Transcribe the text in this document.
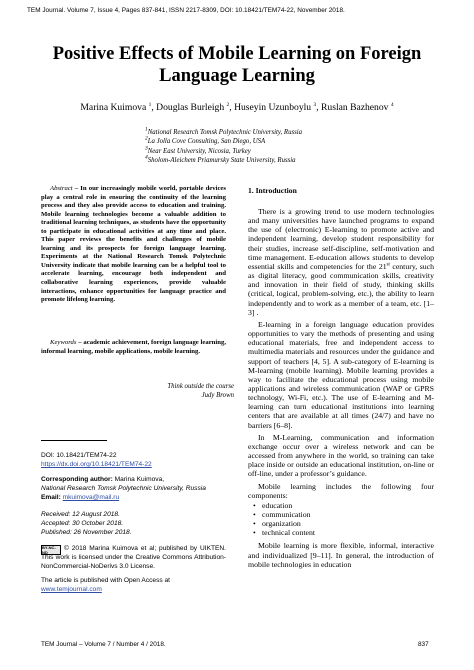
TEM Journal. Volume 7, Issue 4, Pages 837-841, ISSN 2217-8309, DOI: 10.18421/TEM74-22, November 2018.
Positive Effects of Mobile Learning on Foreign
Language Learning
Marina Kuimova $^1$, Douglas Burleigh $^2$, Huseyin Uzunboylu $^3$, Ruslan Bazhenov $^4$
$^1$National Research Tomsk Polytechnic University, Russia
$^2$La Jolla Cove Consulting, San Diego, USA
$^3$Near East University, Nicosia, Turkey
$^4$Sholom-Aleichem Priamursky State University, Russia

Abstract – In our increasingly mobile world, portable devices play a central role in ensuring the continuity of the learning process and they also provide access to education and training. Mobile learning technologies become a valuable addition to traditional learning techniques, as students have the opportunity to participate in educational activities at any time and place. This paper reviews the benefits and challenges of mobile learning and its prospects for foreign language learning. Experiments at the National Research Tomsk Polytechnic University indicate that mobile learning can be a helpful tool to accelerate learning, encourage both independent and collaborative learning experiences, provide valuable interactions, enhance opportunities for language practice and promote lifelong learning.

Keywords – academic achievement, foreign language learning, informal learning, mobile applications, mobile learning.

Think outside the course
Judy Brown
DOI: 10.18421/TEM74-22
https://dx.doi.org/10.18421/TEM74-22
Corresponding author: Marina Kuimova,
National Research Tomsk Polytechnic University, Russia
Email: mkuimova@mail.ru
Received: 12 August 2018.
Accepted: 30 October 2018.
Published: 26 November 2018.
BY-NC-ND
© 2018 Marina Kuimova et al; published by UIKTEN. This work is licensed under the Creative Commons Attribution-NonCommercial-NoDerivs 3.0 License.
The article is published with Open Access at
www.temjournal.com
1. Introduction

There is a growing trend to use modern technologies and many universities have launched programs to expand the use of (electronic) E-learning to promote active and independent learning, develop student responsibility for their studies, increase self-discipline, self-motivation and time management. E-education allows students to develop essential skills and competencies for the 21st century, such as digital literacy, good communication skills, creativity and innovation in their field of study, thinking skills (critical, logical, problem-solving, etc.), the ability to learn independently and to work as a member of a team, etc. [1–3] .

E-learning in a foreign language education provides opportunities to vary the methods of presenting and using educational materials, free and independent access to multimedia materials and resources under the guidance and support of teachers [4, 5]. A sub-category of E-learning is M-learning (mobile learning). Mobile learning provides a way to facilitate the educational process using mobile applications and wireless communication (WAP or GPRS technology, Wi-Fi, etc.). The use of E-learning and M-learning can turn educational institutions into learning centers that are available at all times (24/7) and have no barriers [6–8].

In M-Learning, communication and information exchange occur over a wireless network and can be accessed from anywhere in the world, so training can take place inside or outside an educational institution, on-line or off-line, under a professor’s guidance.

Mobile learning includes the following four components:

• education
• communication
• organization
• technical content

Mobile learning is more flexible, informal, interactive and individualized [9–11]. In general, the introduction of mobile technologies in education

TEM Journal – Volume 7 / Number 4 / 2018.	837
